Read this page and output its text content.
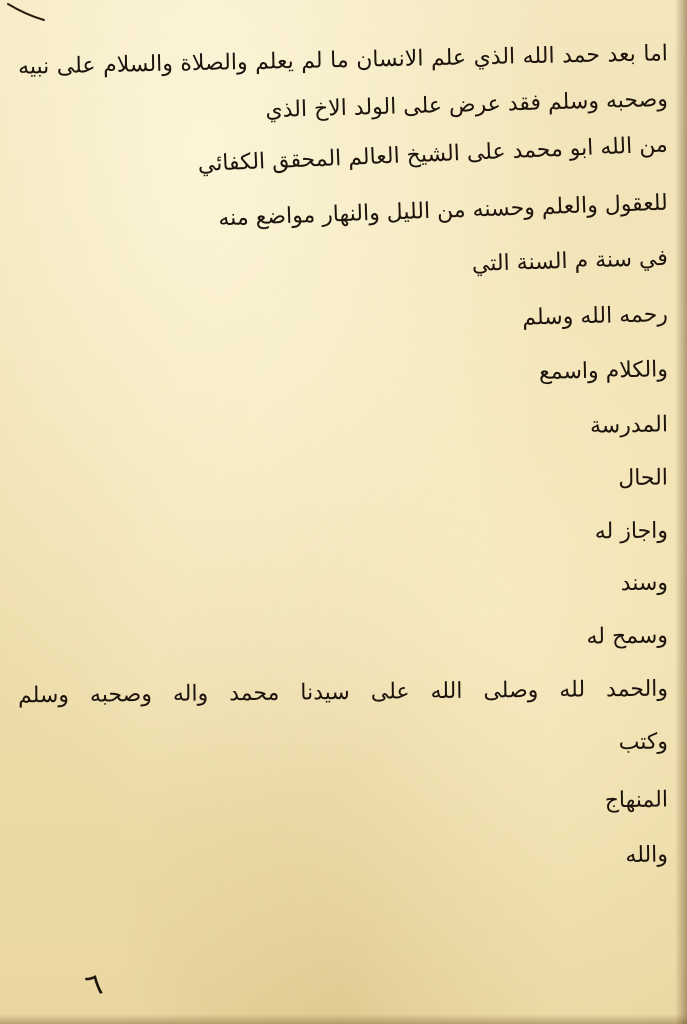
اما بعد حمد الله الذي علم الانسان ما لم يعلم والصلاة والسلام على نبيه
وصحبه وسلم فقد عرض على الولد الاخ الذي
من الله ابو محمد على الشيخ العالم المحقق الكفائي
للعقول والعلم وحسنه من الليل والنهار مواضع منه
في سنة م السنة التي
رحمه الله وسلم
والكلام واسمع
المدرسة
الحال
واجاز له
وسند
وسمح له
والحمد لله وصلى الله على سيدنا محمد واله وصحبه وسلم
وكتب
المنهاج
والله
٦
